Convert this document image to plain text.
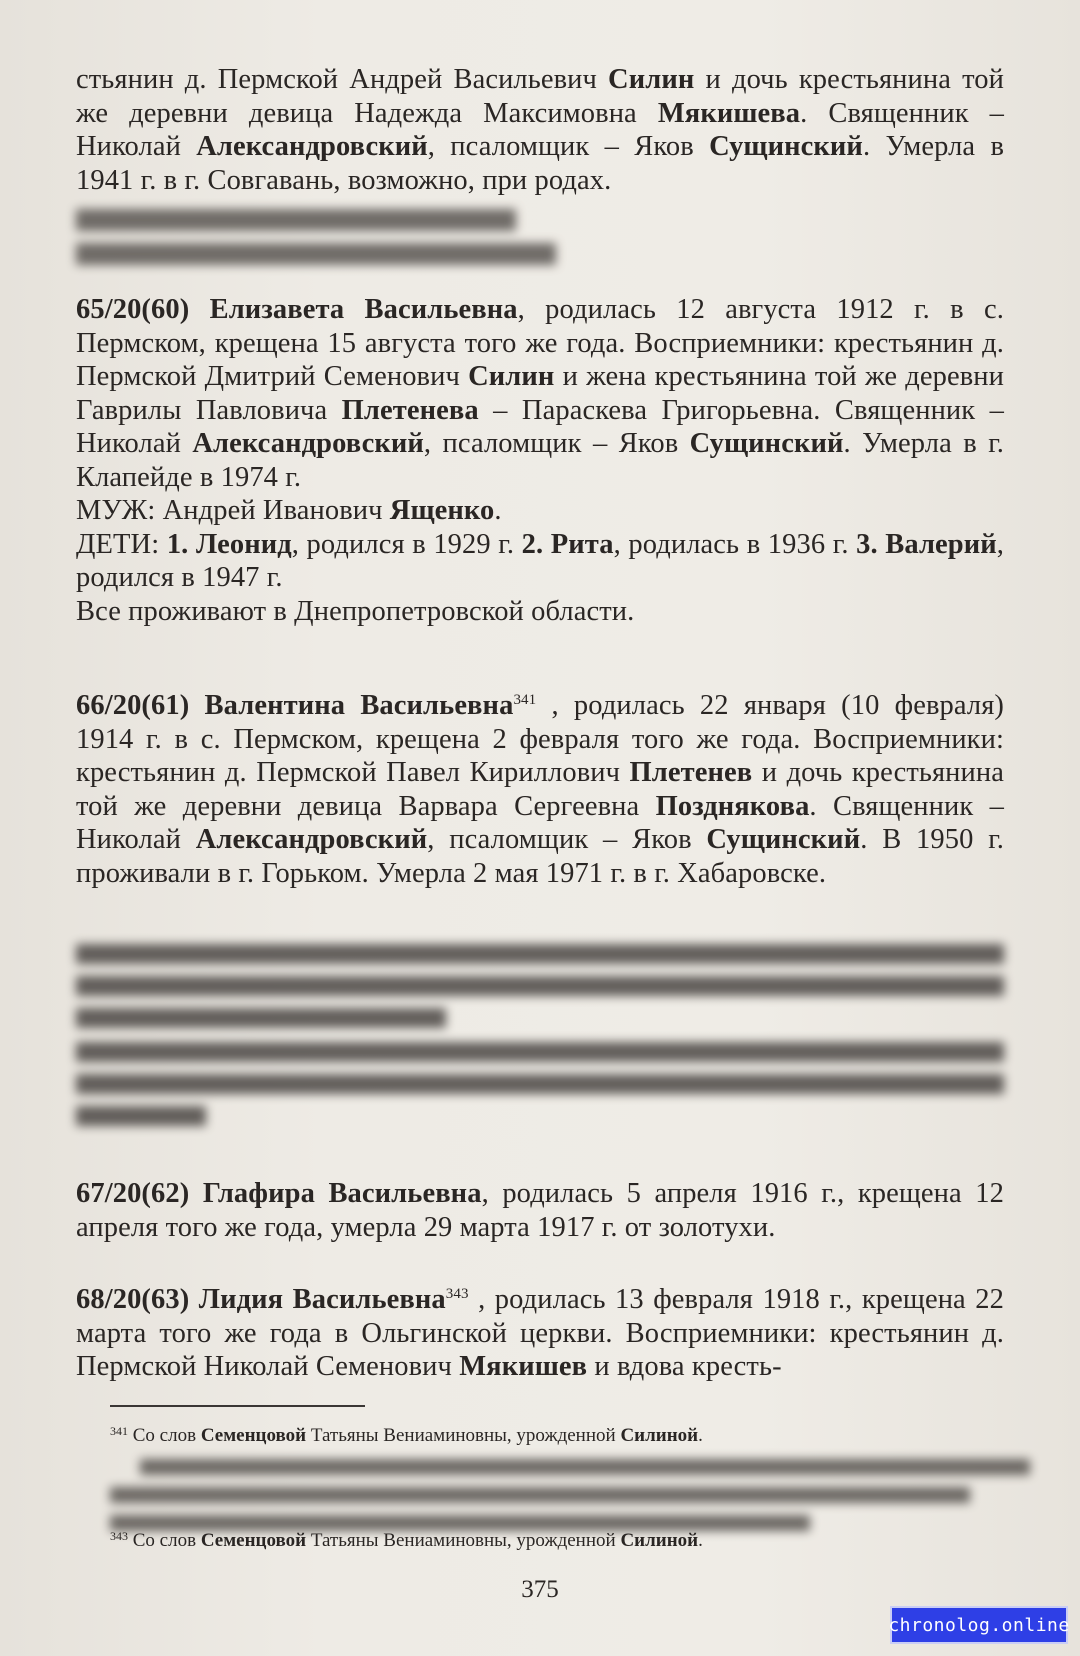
стьянин д. Пермской Андрей Васильевич Силин и дочь крестьянина той же деревни девица Надежда Максимовна Мякишева. Священник – Николай Александровский, псаломщик – Яков Сущинский. Умерла в 1941 г. в г. Совгавань, возможно, при родах.

65/20(60) Елизавета Васильевна, родилась 12 августа 1912 г. в с. Пермском, крещена 15 августа того же года. Восприемники: крестьянин д. Пермской Дмитрий Семенович Силин и жена крестьянина той же деревни Гаврилы Павловича Плетенева – Параскева Григорьевна. Священник – Николай Александровский, псаломщик – Яков Сущинский. Умерла в г. Клапейде в 1974 г.

МУЖ: Андрей Иванович Ященко.

ДЕТИ: 1. Леонид, родился в 1929 г. 2. Рита, родилась в 1936 г. 3. Валерий, родился в 1947 г.

Все проживают в Днепропетровской области.

66/20(61) Валентина Васильевна$^{341}$ , родилась 22 января (10 февраля) 1914 г. в с. Пермском, крещена 2 февраля того же года. Восприемники: крестьянин д. Пермской Павел Кириллович Плетенев и дочь крестьянина той же деревни девица Варвара Сергеевна Позднякова. Священник – Николай Александровский, псаломщик – Яков Сущинский. В 1950 г. проживали в г. Горьком. Умерла 2 мая 1971 г. в г. Хабаровске.

67/20(62) Глафира Васильевна, родилась 5 апреля 1916 г., крещена 12 апреля того же года, умерла 29 марта 1917 г. от золотухи.

68/20(63) Лидия Васильевна$^{343}$ , родилась 13 февраля 1918 г., крещена 22 марта того же года в Ольгинской церкви. Восприемники: крестьянин д. Пермской Николай Семенович Мякишев и вдова кресть-

$^{341}$ Со слов Семенцовой Татьяны Вениаминовны, урожденной Силиной.
$^{343}$ Со слов Семенцовой Татьяны Вениаминовны, урожденной Силиной.
375
chronolog.online
